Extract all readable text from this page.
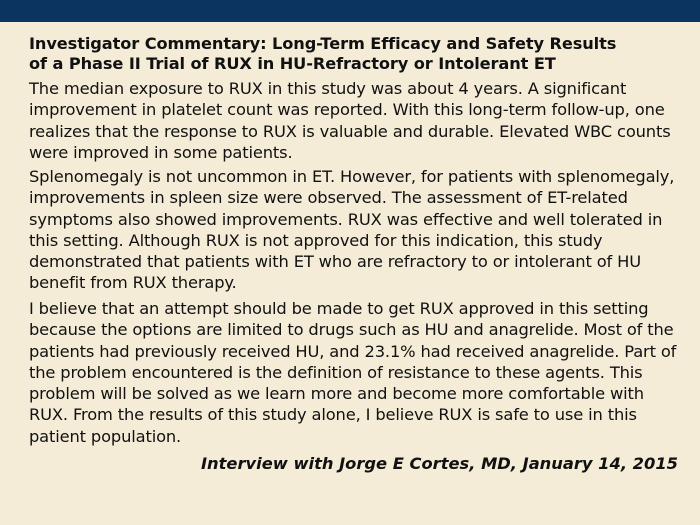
Investigator Commentary: Long-Term Efficacy and Safety Results
of a Phase II Trial of RUX in HU-Refractory or Intolerant ET

The median exposure to RUX in this study was about 4 years. A significant improvement in platelet count was reported. With this long-term follow-up, one realizes that the response to RUX is valuable and durable. Elevated WBC counts were improved in some patients.

Splenomegaly is not uncommon in ET. However, for patients with splenomegaly, improvements in spleen size were observed. The assessment of ET-related symptoms also showed improvements. RUX was effective and well tolerated in this setting. Although RUX is not approved for this indication, this study demonstrated that patients with ET who are refractory to or intolerant of HU benefit from RUX therapy.

I believe that an attempt should be made to get RUX approved in this setting because the options are limited to drugs such as HU and anagrelide. Most of the patients had previously received HU, and 23.1% had received anagrelide. Part of the problem encountered is the definition of resistance to these agents. This problem will be solved as we learn more and become more comfortable with RUX. From the results of this study alone, I believe RUX is safe to use in this patient population.

Interview with Jorge E Cortes, MD, January 14, 2015
